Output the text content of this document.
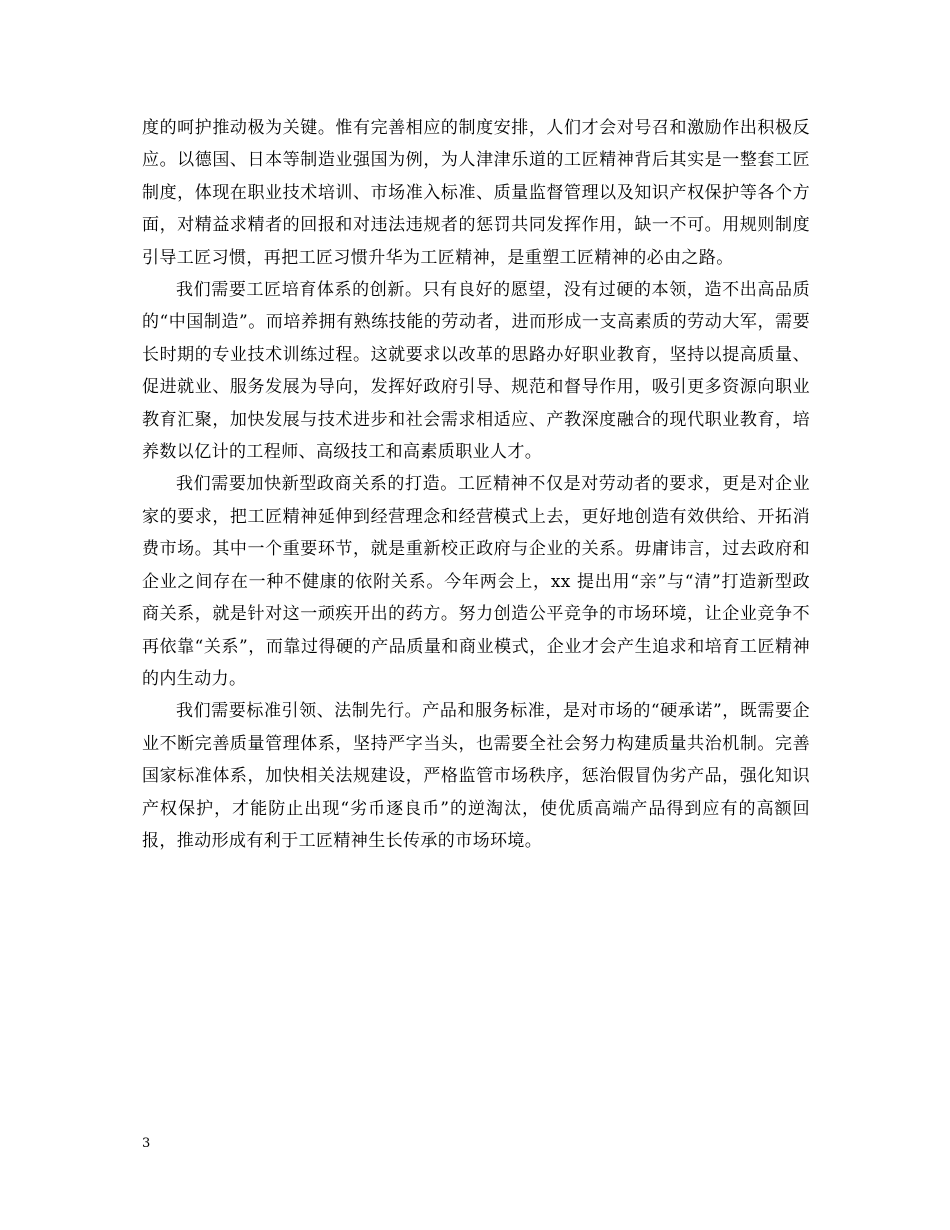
度的呵护推动极为关键。惟有完善相应的制度安排，人们才会对号召和激励作出积极反应。以德国、日本等制造业强国为例，为人津津乐道的工匠精神背后其实是一整套工匠制度，体现在职业技术培训、市场准入标准、质量监督管理以及知识产权保护等各个方面，对精益求精者的回报和对违法违规者的惩罚共同发挥作用，缺一不可。用规则制度引导工匠习惯，再把工匠习惯升华为工匠精神，是重塑工匠精神的必由之路。

我们需要工匠培育体系的创新。只有良好的愿望，没有过硬的本领，造不出高品质的“中国制造”。而培养拥有熟练技能的劳动者，进而形成一支高素质的劳动大军，需要长时期的专业技术训练过程。这就要求以改革的思路办好职业教育，坚持以提高质量、促进就业、服务发展为导向，发挥好政府引导、规范和督导作用，吸引更多资源向职业教育汇聚，加快发展与技术进步和社会需求相适应、产教深度融合的现代职业教育，培养数以亿计的工程师、高级技工和高素质职业人才。

我们需要加快新型政商关系的打造。工匠精神不仅是对劳动者的要求，更是对企业家的要求，把工匠精神延伸到经营理念和经营模式上去，更好地创造有效供给、开拓消费市场。其中一个重要环节，就是重新校正政府与企业的关系。毋庸讳言，过去政府和企业之间存在一种不健康的依附关系。今年两会上，xx 提出用“亲”与“清”打造新型政商关系，就是针对这一顽疾开出的药方。努力创造公平竞争的市场环境，让企业竞争不再依靠“关系”，而靠过得硬的产品质量和商业模式，企业才会产生追求和培育工匠精神的内生动力。

我们需要标准引领、法制先行。产品和服务标准，是对市场的“硬承诺”，既需要企业不断完善质量管理体系，坚持严字当头，也需要全社会努力构建质量共治机制。完善国家标准体系，加快相关法规建设，严格监管市场秩序，惩治假冒伪劣产品，强化知识产权保护，才能防止出现“劣币逐良币”的逆淘汰，使优质高端产品得到应有的高额回报，推动形成有利于工匠精神生长传承的市场环境。

3
